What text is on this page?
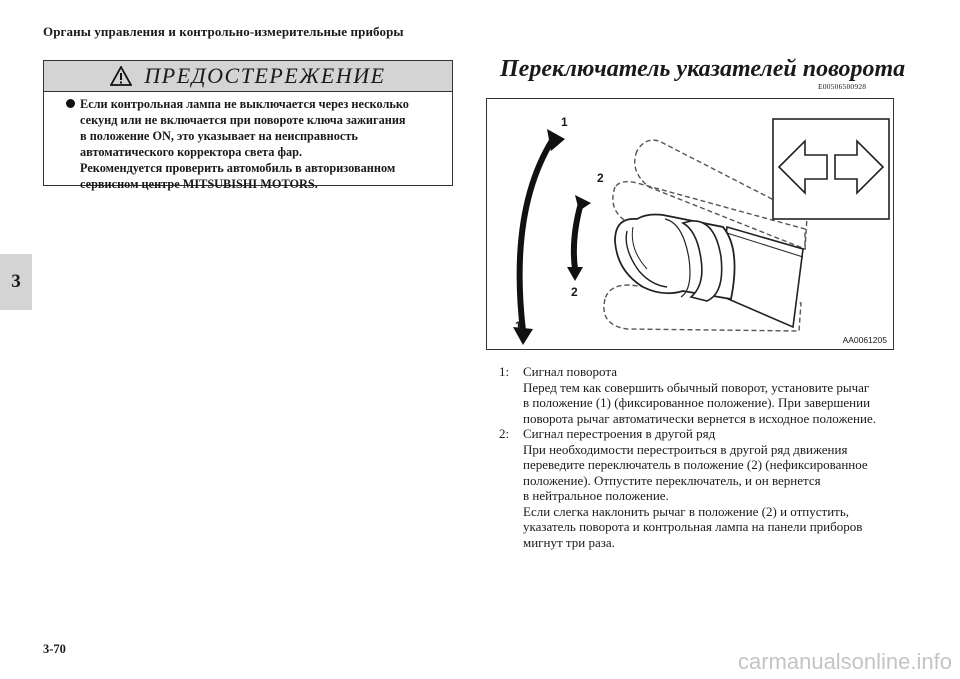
Органы управления и контрольно-измерительные приборы
3
ПРЕДОСТЕРЕЖЕНИЕ

Если контрольная лампа не выключается через несколько

секунд или не включается при повороте ключа зажигания

в положение ON, это указывает на неисправность

автоматического корректора света фар.

Рекомендуется проверить автомобиль в авторизованном

сервисном центре MITSUBISHI MOTORS.

Переключатель указателей поворота
E00506500928
1
2
2
1
AA0061205
1: Сигнал поворота

Перед тем как совершить обычный поворот, установите рычаг

в положение (1) (фиксированное положение). При завершении

поворота рычаг автоматически вернется в исходное положение.

2: Сигнал перестроения в другой ряд

При необходимости перестроиться в другой ряд движения

переведите переключатель в положение (2) (нефиксированное

положение). Отпустите переключатель, и он вернется

в нейтральное положение.

Если слегка наклонить рычаг в положение (2) и отпустить,

указатель поворота и контрольная лампа на панели приборов

мигнут три раза.

3-70	carmanualsonline.info
